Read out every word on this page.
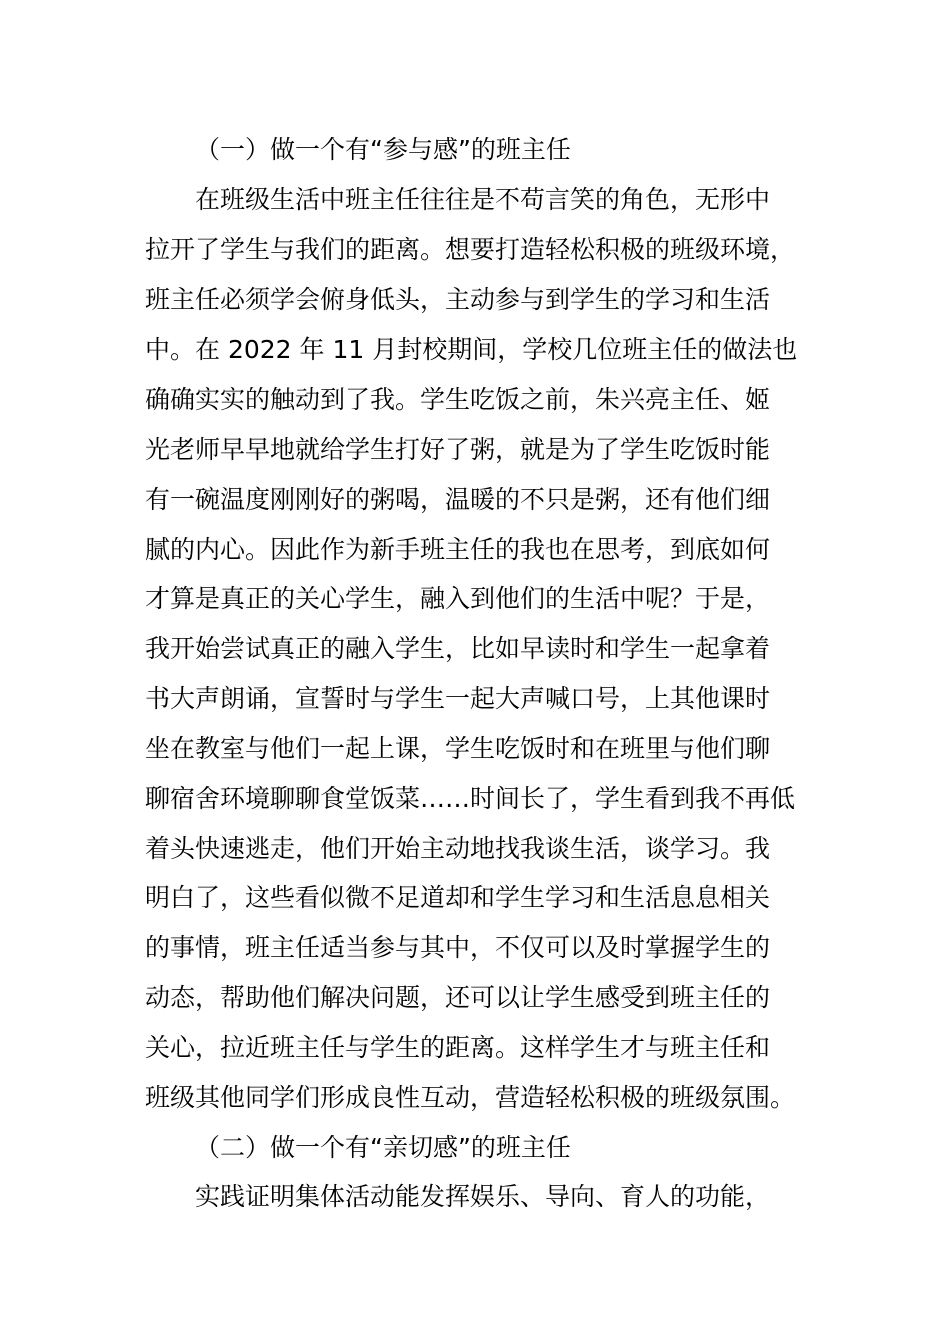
（一）做一个有“参与感”的班主任

在班级生活中班主任往往是不苟言笑的角色，无形中

拉开了学生与我们的距离。想要打造轻松积极的班级环境，

班主任必须学会俯身低头，主动参与到学生的学习和生活

中。在 2022 年 11 月封校期间，学校几位班主任的做法也

确确实实的触动到了我。学生吃饭之前，朱兴亮主任、姬

光老师早早地就给学生打好了粥，就是为了学生吃饭时能

有一碗温度刚刚好的粥喝，温暖的不只是粥，还有他们细

腻的内心。因此作为新手班主任的我也在思考，到底如何

才算是真正的关心学生，融入到他们的生活中呢？于是，

我开始尝试真正的融入学生，比如早读时和学生一起拿着

书大声朗诵，宣誓时与学生一起大声喊口号，上其他课时

坐在教室与他们一起上课，学生吃饭时和在班里与他们聊

聊宿舍环境聊聊食堂饭菜……时间长了，学生看到我不再低

着头快速逃走，他们开始主动地找我谈生活，谈学习。我

明白了，这些看似微不足道却和学生学习和生活息息相关

的事情，班主任适当参与其中，不仅可以及时掌握学生的

动态，帮助他们解决问题，还可以让学生感受到班主任的

关心，拉近班主任与学生的距离。这样学生才与班主任和

班级其他同学们形成良性互动，营造轻松积极的班级氛围。

（二）做一个有“亲切感”的班主任

实践证明集体活动能发挥娱乐、导向、育人的功能，
